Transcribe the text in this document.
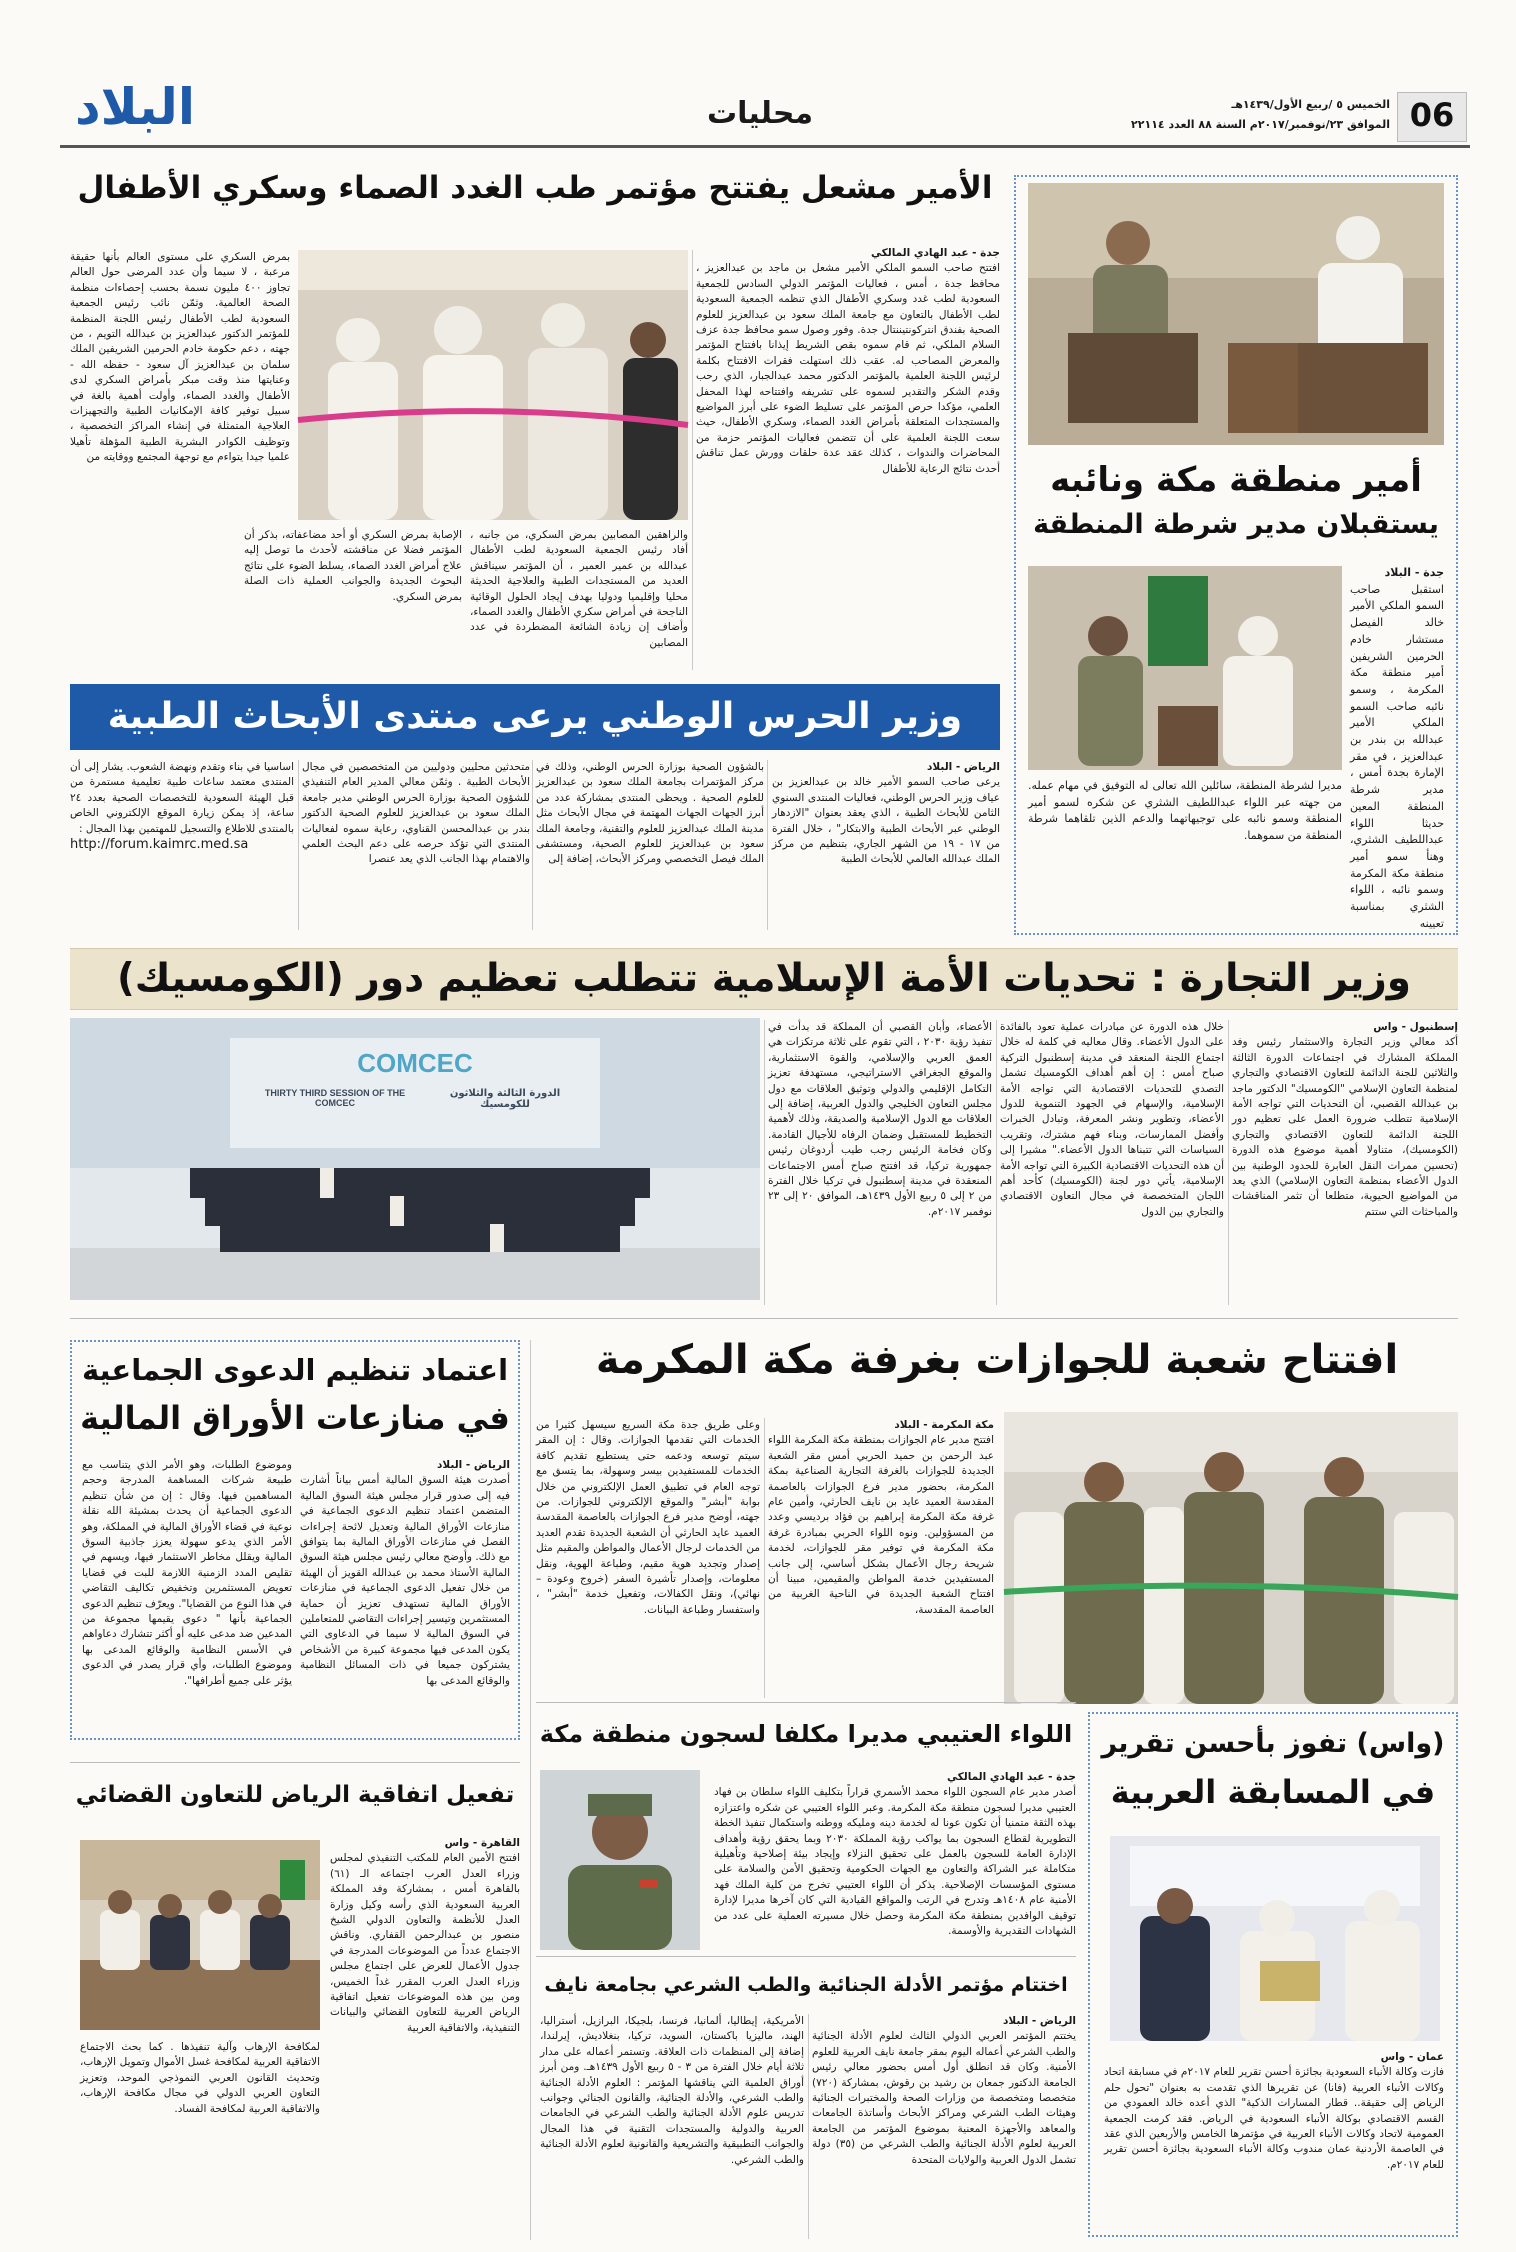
06
الخميس ٥ /ربيع الأول/١٤٣٩هـ
الموافق ٢٣/نوفمبر/٢٠١٧م السنة ٨٨ العدد ٢٢١١٤
محليات
البلاد
أمير منطقة مكة ونائبه
يستقبلان مدير شرطة المنطقة
جدة - البلاد
استقبل صاحب السمو الملكي الأمير خالد الفيصل مستشار خادم الحرمين الشريفين أمير منطقة مكة المكرمة ، وسمو نائبه صاحب السمو الملكي الأمير عبدالله بن بندر بن عبدالعزيز ، في مقر الإمارة بجدة أمس ، مدير شرطة المنطقة المعين حديثا اللواء عبداللطيف الشثري، وهنأ سمو أمير منطقة مكة المكرمة وسمو نائبه ، اللواء الشثري بمناسبة تعيينه
مديرا لشرطة المنطقة، سائلين الله تعالى له التوفيق في مهام عمله. من جهته عبر اللواء عبداللطيف الشثري عن شكره لسمو أمير المنطقة وسمو نائبه على توجيهاتهما والدعم الذين تلقاهما شرطة المنطقة من سموهما.
الأمير مشعل يفتتح مؤتمر طب الغدد الصماء وسكري الأطفال
جدة - عبد الهادي المالكي
افتتح صاحب السمو الملكي الأمير مشعل بن ماجد بن عبدالعزيز ، محافظ جدة ، أمس ، فعاليات المؤتمر الدولي السادس للجمعية السعودية لطب غدد وسكري الأطفال الذي تنظمه الجمعية السعودية لطب الأطفال بالتعاون مع جامعة الملك سعود بن عبدالعزيز للعلوم الصحية بفندق انتركونتيننتال جدة. وفور وصول سمو محافظ جدة عزف السلام الملكي، ثم قام سموه بقص الشريط إيذانا بافتتاح المؤتمر والمعرض المصاحب له. عقب ذلك استهلت فقرات الافتتاح بكلمة لرئيس اللجنة العلمية بالمؤتمر الدكتور محمد عبدالجبار، الذي رحب وقدم الشكر والتقدير لسموه على تشريفه وافتتاحه لهذا المحفل العلمي، مؤكدا حرص المؤتمر على تسليط الضوء على أبرز المواضيع والمستجدات المتعلقة بأمراض الغدد الصماء، وسكري الأطفال، حيث سعت اللجنة العلمية على أن تتضمن فعاليات المؤتمر حزمة من المحاضرات والندوات ، كذلك عقد عدة حلقات وورش عمل تناقش أحدث نتائج الرعاية للأطفال
والراهقين المصابين بمرض السكري، من جانبه ، أفاد رئيس الجمعية السعودية لطب الأطفال عبدالله بن عمير العمير ، أن المؤتمر سيناقش العديد من المستجدات الطبية والعلاجية الحديثة محليا وإقليميا ودوليا بهدف إيجاد الحلول الوقائية الناجحة في أمراض سكري الأطفال والغدد الصماء، وأضاف إن زيادة الشائعة المضطردة في عدد المصابين
الإصابة بمرض السكري أو أحد مضاعفاته، بذكر أن المؤتمر فضلا عن مناقشته لأحدث ما توصل إليه علاج أمراض الغدد الصماء، يسلط الضوء على نتائج البحوث الجديدة والجوانب العملية ذات الصلة بمرض السكري.
بمرض السكري على مستوى العالم بأنها حقيقة مرعبة ، لا سيما وأن عدد المرضى حول العالم تجاوز ٤٠٠ مليون نسمة بحسب إحصاءات منظمة الصحة العالمية. وثمّن نائب رئيس الجمعية السعودية لطب الأطفال رئيس اللجنة المنظمة للمؤتمر الدكتور عبدالعزيز بن عبدالله التويم ، من جهته ، دعم حكومة خادم الحرمين الشريفين الملك سلمان بن عبدالعزيز آل سعود - حفظه الله - وعنايتها منذ وقت مبكر بأمراض السكري لدى الأطفال والغدد الصماء، وأولت أهمية بالغة في سبيل توفير كافة الإمكانيات الطبية والتجهيزات العلاجية المتمثلة في إنشاء المراكز التخصصية ، وتوظيف الكوادر البشرية الطبية المؤهلة تأهيلا علميا جيدا يتواءم مع توجهة المجتمع ووقايته من
وزير الحرس الوطني يرعى منتدى الأبحاث الطبية
الرياض - البلاد
يرعى صاحب السمو الأمير خالد بن عبدالعزيز بن عياف وزير الحرس الوطني، فعاليات المنتدى السنوي الثامن للأبحاث الطبية ، الذي يعقد بعنوان "الازدهار الوطني عبر الأبحاث الطبية والابتكار" ، خلال الفترة من ١٧ - ١٩ من الشهر الجاري، بتنظيم من مركز الملك عبدالله العالمي للأبحاث الطبية
بالشؤون الصحية بوزارة الحرس الوطني، وذلك في مركز المؤتمرات بجامعة الملك سعود بن عبدالعزيز للعلوم الصحية . ويحظى المنتدى بمشاركة عدد من أبرز الجهات الجهات المهتمة في مجال الأبحاث مثل مدينة الملك عبدالعزيز للعلوم والتقنية، وجامعة الملك سعود بن عبدالعزيز للعلوم الصحية، ومستشفى الملك فيصل التخصصي ومركز الأبحاث، إضافة إلى
متحدثين محليين ودوليين من المتخصصين في مجال الأبحاث الطبية . وثمّن معالي المدير العام التنفيذي للشؤون الصحية بوزارة الحرس الوطني مدير جامعة الملك سعود بن عبدالعزيز للعلوم الصحية الدكتور بندر بن عبدالمحسن القناوي، رعاية سموه لفعاليات المنتدى التي تؤكد حرصه على دعم البحث العلمي والاهتمام بهذا الجانب الذي يعد عنصرا
اساسيا في بناء وتقدم ونهضة الشعوب. يشار إلى أن المنتدى معتمد ساعات طبية تعليمية مستمرة من قبل الهيئة السعودية للتخصصات الصحية بعدد ٢٤ ساعة، إذ يمكن زيارة الموقع الإلكتروني الخاص بالمنتدى للاطلاع والتسجيل للمهتمين بهذا المجال :
http://forum.kaimrc.med.sa
وزير التجارة : تحديات الأمة الإسلامية تتطلب تعظيم دور (الكومسيك)
إسطنبول - واس
أكد معالي وزير التجارة والاستثمار رئيس وفد المملكة المشارك في اجتماعات الدورة الثالثة والثلاثين للجنة الدائمة للتعاون الاقتصادي والتجاري لمنظمة التعاون الإسلامي "الكومسيك" الدكتور ماجد بن عبدالله القصبي، أن التحديات التي تواجه الأمة الإسلامية تتطلب ضرورة العمل على تعظيم دور اللجنة الدائمة للتعاون الاقتصادي والتجاري (الكومسيك)، متناولا أهمية موضوع هذه الدورة (تحسين ممرات النقل العابرة للحدود الوطنية بين الدول الأعضاء بمنظمة التعاون الإسلامي) الذي يعد من المواضيع الحيوية، متطلعا أن تثمر المناقشات والمباحثات التي ستتم
خلال هذه الدورة عن مبادرات عملية تعود بالفائدة على الدول الأعضاء. وقال معاليه في كلمة له خلال اجتماع اللجنة المنعقد في مدينة إسطنبول التركية صباح أمس : إن أهم أهداف الكومسيك تشمل التصدي للتحديات الاقتصادية التي تواجه الأمة الإسلامية، والإسهام في الجهود التنموية للدول الأعضاء، وتطوير ونشر المعرفة، وتبادل الخبرات وأفضل الممارسات، وبناء فهم مشترك، وتقريب السياسات التي تتبناها الدول الأعضاء." مشيرا إلى أن هذه التحديات الاقتصادية الكبيرة التي تواجه الأمة الإسلامية، يأتي دور لجنة (الكومسيك) كأحد أهم اللجان المتخصصة في مجال التعاون الاقتصادي والتجاري بين الدول
الأعضاء، وأبان القصبي أن المملكة قد بدأت في تنفيذ رؤية ٢٠٣٠ ، التي تقوم على ثلاثة مرتكزات هي العمق العربي والإسلامي، والقوة الاستثمارية، والموقع الجغرافي الاستراتيجي، مستهدفة تعزيز التكامل الإقليمي والدولي وتوثيق العلاقات مع دول مجلس التعاون الخليجي والدول العربية، إضافة إلى العلاقات مع الدول الإسلامية والصديقة، وذلك لأهمية التخطيط للمستقبل وضمان الرفاه للأجيال القادمة. وكان فخامة الرئيس رجب طيب أردوغان رئيس جمهورية تركيا، قد افتتح صباح أمس الاجتماعات المنعقدة في مدينة إسطنبول في تركيا خلال الفترة من ٢ إلى ٥ ربيع الأول ١٤٣٩هـ، الموافق ٢٠ إلى ٢٣ نوفمبر ٢٠١٧م.
COMCEC
THIRTY THIRD SESSION OF THE COMCEC
الدورة الثالثة والثلاثون للكومسيك
افتتاح شعبة للجوازات بغرفة مكة المكرمة
مكة المكرمة - البلاد
افتتح مدير عام الجوازات بمنطقة مكة المكرمة اللواء عبد الرحمن بن حميد الحربي أمس مقر الشعبة الجديدة للجوازات بالغرفة التجارية الصناعية بمكة المكرمة، بحضور مدير فرع الجوازات بالعاصمة المقدسة العميد عايد بن نايف الحارثي، وأمين عام غرفة مكة المكرمة إبراهيم بن فؤاد برديسي وعدد من المسؤولين. ونوه اللواء الحربي بمبادرة غرفة مكة المكرمة في توفير مقر للجوازات، لخدمة شريحة رجال الأعمال بشكل أساسي، إلى جانب المستفيدين خدمة المواطن والمقيمين، مبينا أن افتتاح الشعبة الجديدة في الناحية الغربية من العاصمة المقدسة،
وعلى طريق جدة مكة السريع سيسهل كثيرا من الخدمات التي تقدمها الجوازات. وقال : إن المقر سيتم توسعه ودعمه حتى يستطيع تقديم كافة الخدمات للمستفيدين بيسر وسهولة، بما يتسق مع توجه العام في تطبيق العمل الإلكتروني من خلال بوابة "أبشر" والموقع الإلكتروني للجوازات. من جهته، أوضح مدير فرع الجوازات بالعاصمة المقدسة العميد عايد الحارثي أن الشعبة الجديدة تقدم العديد من الخدمات لرجال الأعمال والمواطن والمقيم مثل إصدار وتجديد هوية مقيم، وطباعة الهوية، ونقل معلومات، وإصدار تأشيرة السفر (خروج وعودة – نهائي)، ونقل الكفالات، وتفعيل خدمة "أبشر" ، واستفسار وطباعة البيانات.
اعتماد تنظيم الدعوى الجماعية
في منازعات الأوراق المالية
الرياض - البلاد
أصدرت هيئة السوق المالية أمس بياناً أشارت فيه إلى صدور قرار مجلس هيئة السوق المالية المتضمن اعتماد تنظيم الدعوى الجماعية في منازعات الأوراق المالية وتعديل لائحة إجراءات الفصل في منازعات الأوراق المالية بما يتوافق مع ذلك. وأوضح معالي رئيس مجلس هيئة السوق المالية الأستاذ محمد بن عبدالله القويز أن الهيئة من خلال تفعيل الدعوى الجماعية في منازعات الأوراق المالية تستهدف تعزيز أن حماية المستثمرين وتيسير إجراءات التقاضي للمتعاملين في السوق المالية لا سيما في الدعاوى التي يكون المدعى فيها مجموعة كبيرة من الأشخاص يشتركون جميعا في ذات المسائل النظامية والوقائع المدعى بها
وموضوع الطلبات، وهو الأمر الذي يتناسب مع طبيعة شركات المساهمة المدرجة وحجم المساهمين فيها. وقال : إن من شأن تنظيم الدعوى الجماعية أن يحدث بمشيئة الله نقلة نوعية في قضاء الأوراق المالية في المملكة، وهو الأمر الذي يدعو سهولة يعزز جاذبية السوق المالية ويقلل مخاطر الاستثمار فيها، ويسهم في تقليص المدد الزمنية اللازمة للبت في قضايا تعويض المستثمرين وتخفيض تكاليف التقاضي في هذا النوع من القضايا". ويعرّف تنظيم الدعوى الجماعية بأنها " دعوى يقيمها مجموعة من المدعين ضد مدعى عليه أو أكثر تتشارك دعاواهم في الأسس النظامية والوقائع المدعى بها وموضوع الطلبات، وأي قرار يصدر في الدعوى يؤثر على جميع أطرافها".
(واس) تفوز بأحسن تقرير
في المسابقة العربية
عمان - واس
فازت وكالة الأنباء السعودية بجائزة أحسن تقرير للعام ٢٠١٧م في مسابقة اتحاد وكالات الأنباء العربية (فانا) عن تقريرها الذي تقدمت به بعنوان "تحول حلم الرياض إلى حقيقة.. قطار المسارات الذكية" الذي أعده خالد العمودي من القسم الاقتصادي بوكالة الأنباء السعودية في الرياض. فقد كرمت الجمعية العمومية لاتحاد وكالات الأنباء العربية في مؤتمرها الخامس والأربعين الذي عقد في العاصمة الأردنية عمان مندوب وكالة الأنباء السعودية بجائزة أحسن تقرير للعام ٢٠١٧م.
اللواء العتيبي مديرا مكلفا لسجون منطقة مكة
جدة - عبد الهادي المالكي
أصدر مدير عام السجون اللواء محمد الأسمري قراراً بتكليف اللواء سلطان بن فهاد العتيبي مديرا لسجون منطقة مكة المكرمة. وعبر اللواء العتيبي عن شكره واعتزازه بهذه الثقة متمنيا أن تكون عونا له لخدمة دينه ومليكه ووطنه واستكمال تنفيذ الخطة التطويرية لقطاع السجون بما يواكب رؤية المملكة ٢٠٣٠ وبما يحقق رؤية وأهداف الإدارة العامة للسجون بالعمل على تحقيق النزلاء وإيجاد بيئة إصلاحية وتأهيلية متكاملة عبر الشراكة والتعاون مع الجهات الحكومية وتحقيق الأمن والسلامة على مستوى المؤسسات الإصلاحية. يذكر أن اللواء العتيبي تخرج من كلية الملك فهد الأمنية عام ١٤٠٨هـ وتدرج في الرتب والمواقع القيادية التي كان آخرها مديرا لإدارة توقيف الوافدين بمنطقة مكة المكرمة وحصل خلال مسيرته العملية على عدد من الشهادات التقديرية والأوسمة.
اختتام مؤتمر الأدلة الجنائية والطب الشرعي بجامعة نايف
الرياض - البلاد
يختتم المؤتمر العربي الدولي الثالث لعلوم الأدلة الجنائية والطب الشرعي أعماله اليوم بمقر جامعة نايف العربية للعلوم الأمنية. وكان قد انطلق أول أمس بحضور معالي رئيس الجامعة الدكتور جمعان بن رشيد بن رقوش، بمشاركة (٧٢٠) متخصصا ومتخصصة من وزارات الصحة والمختبرات الجنائية وهيئات الطب الشرعي ومراكز الأبحاث وأساتذة الجامعات والمعاهد والأجهزة المعنية بموضوع المؤتمر من الجامعة العربية لعلوم الأدلة الجنائية والطب الشرعي من (٣٥) دولة تشمل الدول العربية والولايات المتحدة
الأمريكية، إيطاليا، ألمانيا، فرنسا، بلجيكا، البرازيل، أستراليا، الهند، ماليزيا باكستان، السويد، تركيا، بنغلاديش، إيرلندا، إضافة إلى المنظمات ذات العلاقة. وتستمر أعماله على مدار ثلاثة أيام خلال الفترة من ٣ - ٥ ربيع الأول ١٤٣٩هـ. ومن أبرز أوراق العلمية التي يناقشها المؤتمر : العلوم الأدلة الجنائية والطب الشرعي، والأدلة الجنائية، والقانون الجنائي وجوانب تدريس علوم الأدلة الجنائية والطب الشرعي في الجامعات العربية والدولية والمستجدات التقنية في هذا المجال والجوانب التطبيقية والتشريعية والقانونية لعلوم الأدلة الجنائية والطب الشرعي.
تفعيل اتفاقية الرياض للتعاون القضائي
القاهرة - واس
افتتح الأمين العام للمكتب التنفيذي لمجلس وزراء العدل العرب اجتماعه الـ (٦١) بالقاهرة أمس ، بمشاركة وفد المملكة العربية السعودية الذي رأسه وكيل وزارة العدل للأنظمة والتعاون الدولي الشيخ منصور بن عبدالرحمن القفاري. وناقش الاجتماع عدداً من الموضوعات المدرجة في جدول الأعمال للعرض على اجتماع مجلس وزراء العدل العرب المقرر غداً الخميس، ومن بين هذه الموضوعات تفعيل اتفاقية الرياض العربية للتعاون القضائي والبيانات التنفيذية، والاتفاقية العربية
لمكافحة الإرهاب وآلية تنفيذها . كما بحث الاجتماع الاتفاقية العربية لمكافحة غسل الأموال وتمويل الإرهاب، وتحديث القانون العربي النموذجي الموحد، وتعزيز التعاون العربي الدولي في مجال مكافحة الإرهاب، والاتفاقية العربية لمكافحة الفساد.
